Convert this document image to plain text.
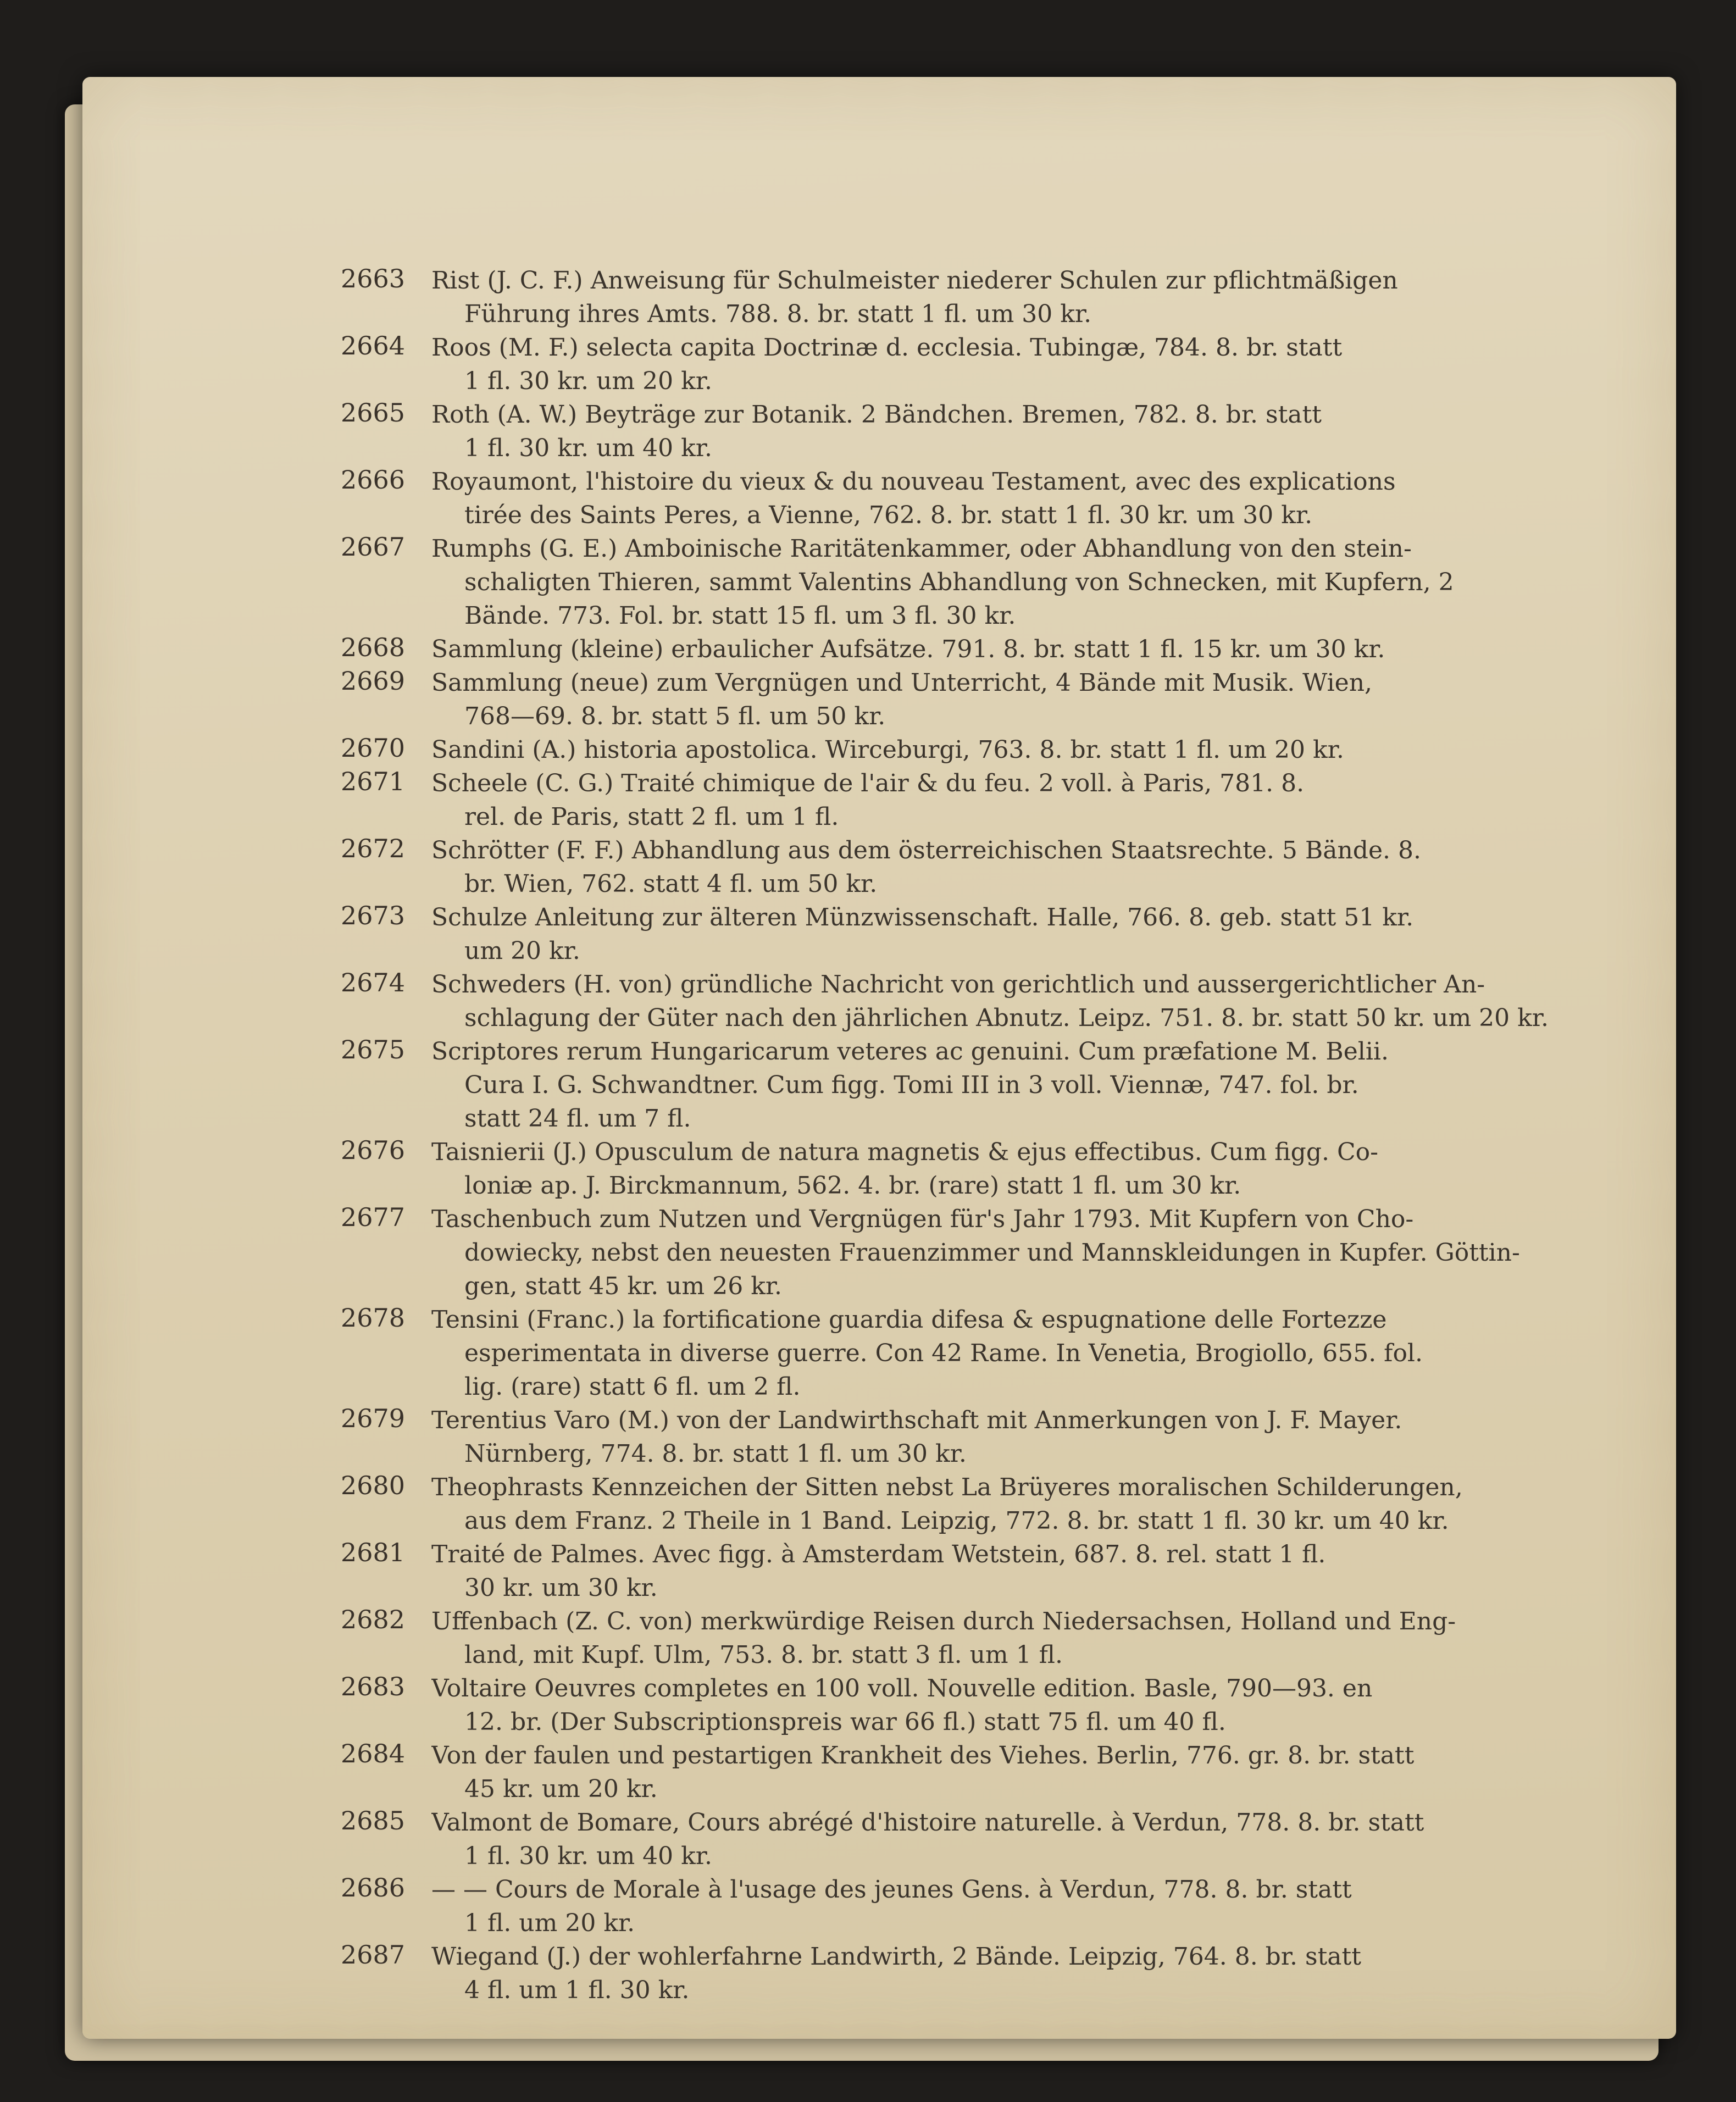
2663	Rist (J. C. F.) Anweisung für Schulmeister niederer Schulen zur pflichtmäßigen
Führung ihres Amts. 788. 8. br. statt 1 fl. um 30 kr.
2664	Roos (M. F.) selecta capita Doctrinæ d. ecclesia. Tubingæ, 784. 8. br. statt
1 fl. 30 kr. um 20 kr.
2665	Roth (A. W.) Beyträge zur Botanik. 2 Bändchen. Bremen, 782. 8. br. statt
1 fl. 30 kr. um 40 kr.
2666	Royaumont, l'histoire du vieux & du nouveau Testament, avec des explications
tirée des Saints Peres, a Vienne, 762. 8. br. statt 1 fl. 30 kr. um 30 kr.
2667	Rumphs (G. E.) Amboinische Raritätenkammer, oder Abhandlung von den stein-
schaligten Thieren, sammt Valentins Abhandlung von Schnecken, mit Kupfern, 2
Bände. 773. Fol. br. statt 15 fl. um 3 fl. 30 kr.
2668	Sammlung (kleine) erbaulicher Aufsätze. 791. 8. br. statt 1 fl. 15 kr. um 30 kr.
2669	Sammlung (neue) zum Vergnügen und Unterricht, 4 Bände mit Musik. Wien,
768—69. 8. br. statt 5 fl. um 50 kr.
2670	Sandini (A.) historia apostolica. Wirceburgi, 763. 8. br. statt 1 fl. um 20 kr.
2671	Scheele (C. G.) Traité chimique de l'air & du feu. 2 voll. à Paris, 781. 8.
rel. de Paris, statt 2 fl. um 1 fl.
2672	Schrötter (F. F.) Abhandlung aus dem österreichischen Staatsrechte. 5 Bände. 8.
br. Wien, 762. statt 4 fl. um 50 kr.
2673	Schulze Anleitung zur älteren Münzwissenschaft. Halle, 766. 8. geb. statt 51 kr.
um 20 kr.
2674	Schweders (H. von) gründliche Nachricht von gerichtlich und aussergerichtlicher An-
schlagung der Güter nach den jährlichen Abnutz. Leipz. 751. 8. br. statt 50 kr. um 20 kr.
2675	Scriptores rerum Hungaricarum veteres ac genuini. Cum præfatione M. Belii.
Cura I. G. Schwandtner. Cum figg. Tomi III in 3 voll. Viennæ, 747. fol. br.
statt 24 fl. um 7 fl.
2676	Taisnierii (J.) Opusculum de natura magnetis & ejus effectibus. Cum figg. Co-
loniæ ap. J. Birckmannum, 562. 4. br. (rare) statt 1 fl. um 30 kr.
2677	Taschenbuch zum Nutzen und Vergnügen für's Jahr 1793. Mit Kupfern von Cho-
dowiecky, nebst den neuesten Frauenzimmer und Mannskleidungen in Kupfer. Göttin-
gen, statt 45 kr. um 26 kr.
2678	Tensini (Franc.) la fortificatione guardia difesa & espugnatione delle Fortezze
esperimentata in diverse guerre. Con 42 Rame. In Venetia, Brogiollo, 655. fol.
lig. (rare) statt 6 fl. um 2 fl.
2679	Terentius Varo (M.) von der Landwirthschaft mit Anmerkungen von J. F. Mayer.
Nürnberg, 774. 8. br. statt 1 fl. um 30 kr.
2680	Theophrasts Kennzeichen der Sitten nebst La Brüyeres moralischen Schilderungen,
aus dem Franz. 2 Theile in 1 Band. Leipzig, 772. 8. br. statt 1 fl. 30 kr. um 40 kr.
2681	Traité de Palmes. Avec figg. à Amsterdam Wetstein, 687. 8. rel. statt 1 fl.
30 kr. um 30 kr.
2682	Uffenbach (Z. C. von) merkwürdige Reisen durch Niedersachsen, Holland und Eng-
land, mit Kupf. Ulm, 753. 8. br. statt 3 fl. um 1 fl.
2683	Voltaire Oeuvres completes en 100 voll. Nouvelle edition. Basle, 790—93. en
12. br. (Der Subscriptionspreis war 66 fl.) statt 75 fl. um 40 fl.
2684	Von der faulen und pestartigen Krankheit des Viehes. Berlin, 776. gr. 8. br. statt
45 kr. um 20 kr.
2685	Valmont de Bomare, Cours abrégé d'histoire naturelle. à Verdun, 778. 8. br. statt
1 fl. 30 kr. um 40 kr.
2686	— — Cours de Morale à l'usage des jeunes Gens. à Verdun, 778. 8. br. statt
1 fl. um 20 kr.
2687	Wiegand (J.) der wohlerfahrne Landwirth, 2 Bände. Leipzig, 764. 8. br. statt
4 fl. um 1 fl. 30 kr.
